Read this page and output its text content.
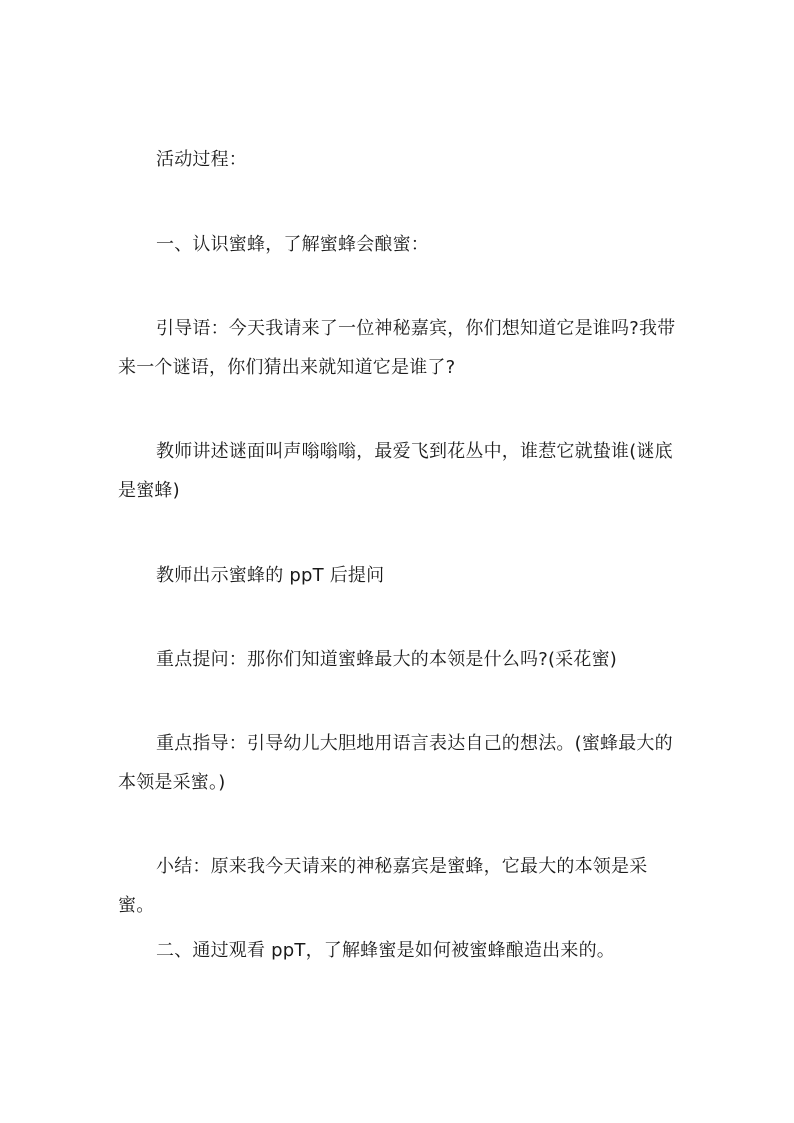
活动过程：

一、认识蜜蜂，了解蜜蜂会酿蜜：

引导语：今天我请来了一位神秘嘉宾，你们想知道它是谁吗?我带来一个谜语，你们猜出来就知道它是谁了?

教师讲述谜面叫声嗡嗡嗡，最爱飞到花丛中，谁惹它就蛰谁(谜底是蜜蜂)

教师出示蜜蜂的 ppT 后提问

重点提问：那你们知道蜜蜂最大的本领是什么吗?(采花蜜)

重点指导：引导幼儿大胆地用语言表达自己的想法。(蜜蜂最大的本领是采蜜。)

小结：原来我今天请来的神秘嘉宾是蜜蜂，它最大的本领是采蜜。

二、通过观看 ppT，了解蜂蜜是如何被蜜蜂酿造出来的。
